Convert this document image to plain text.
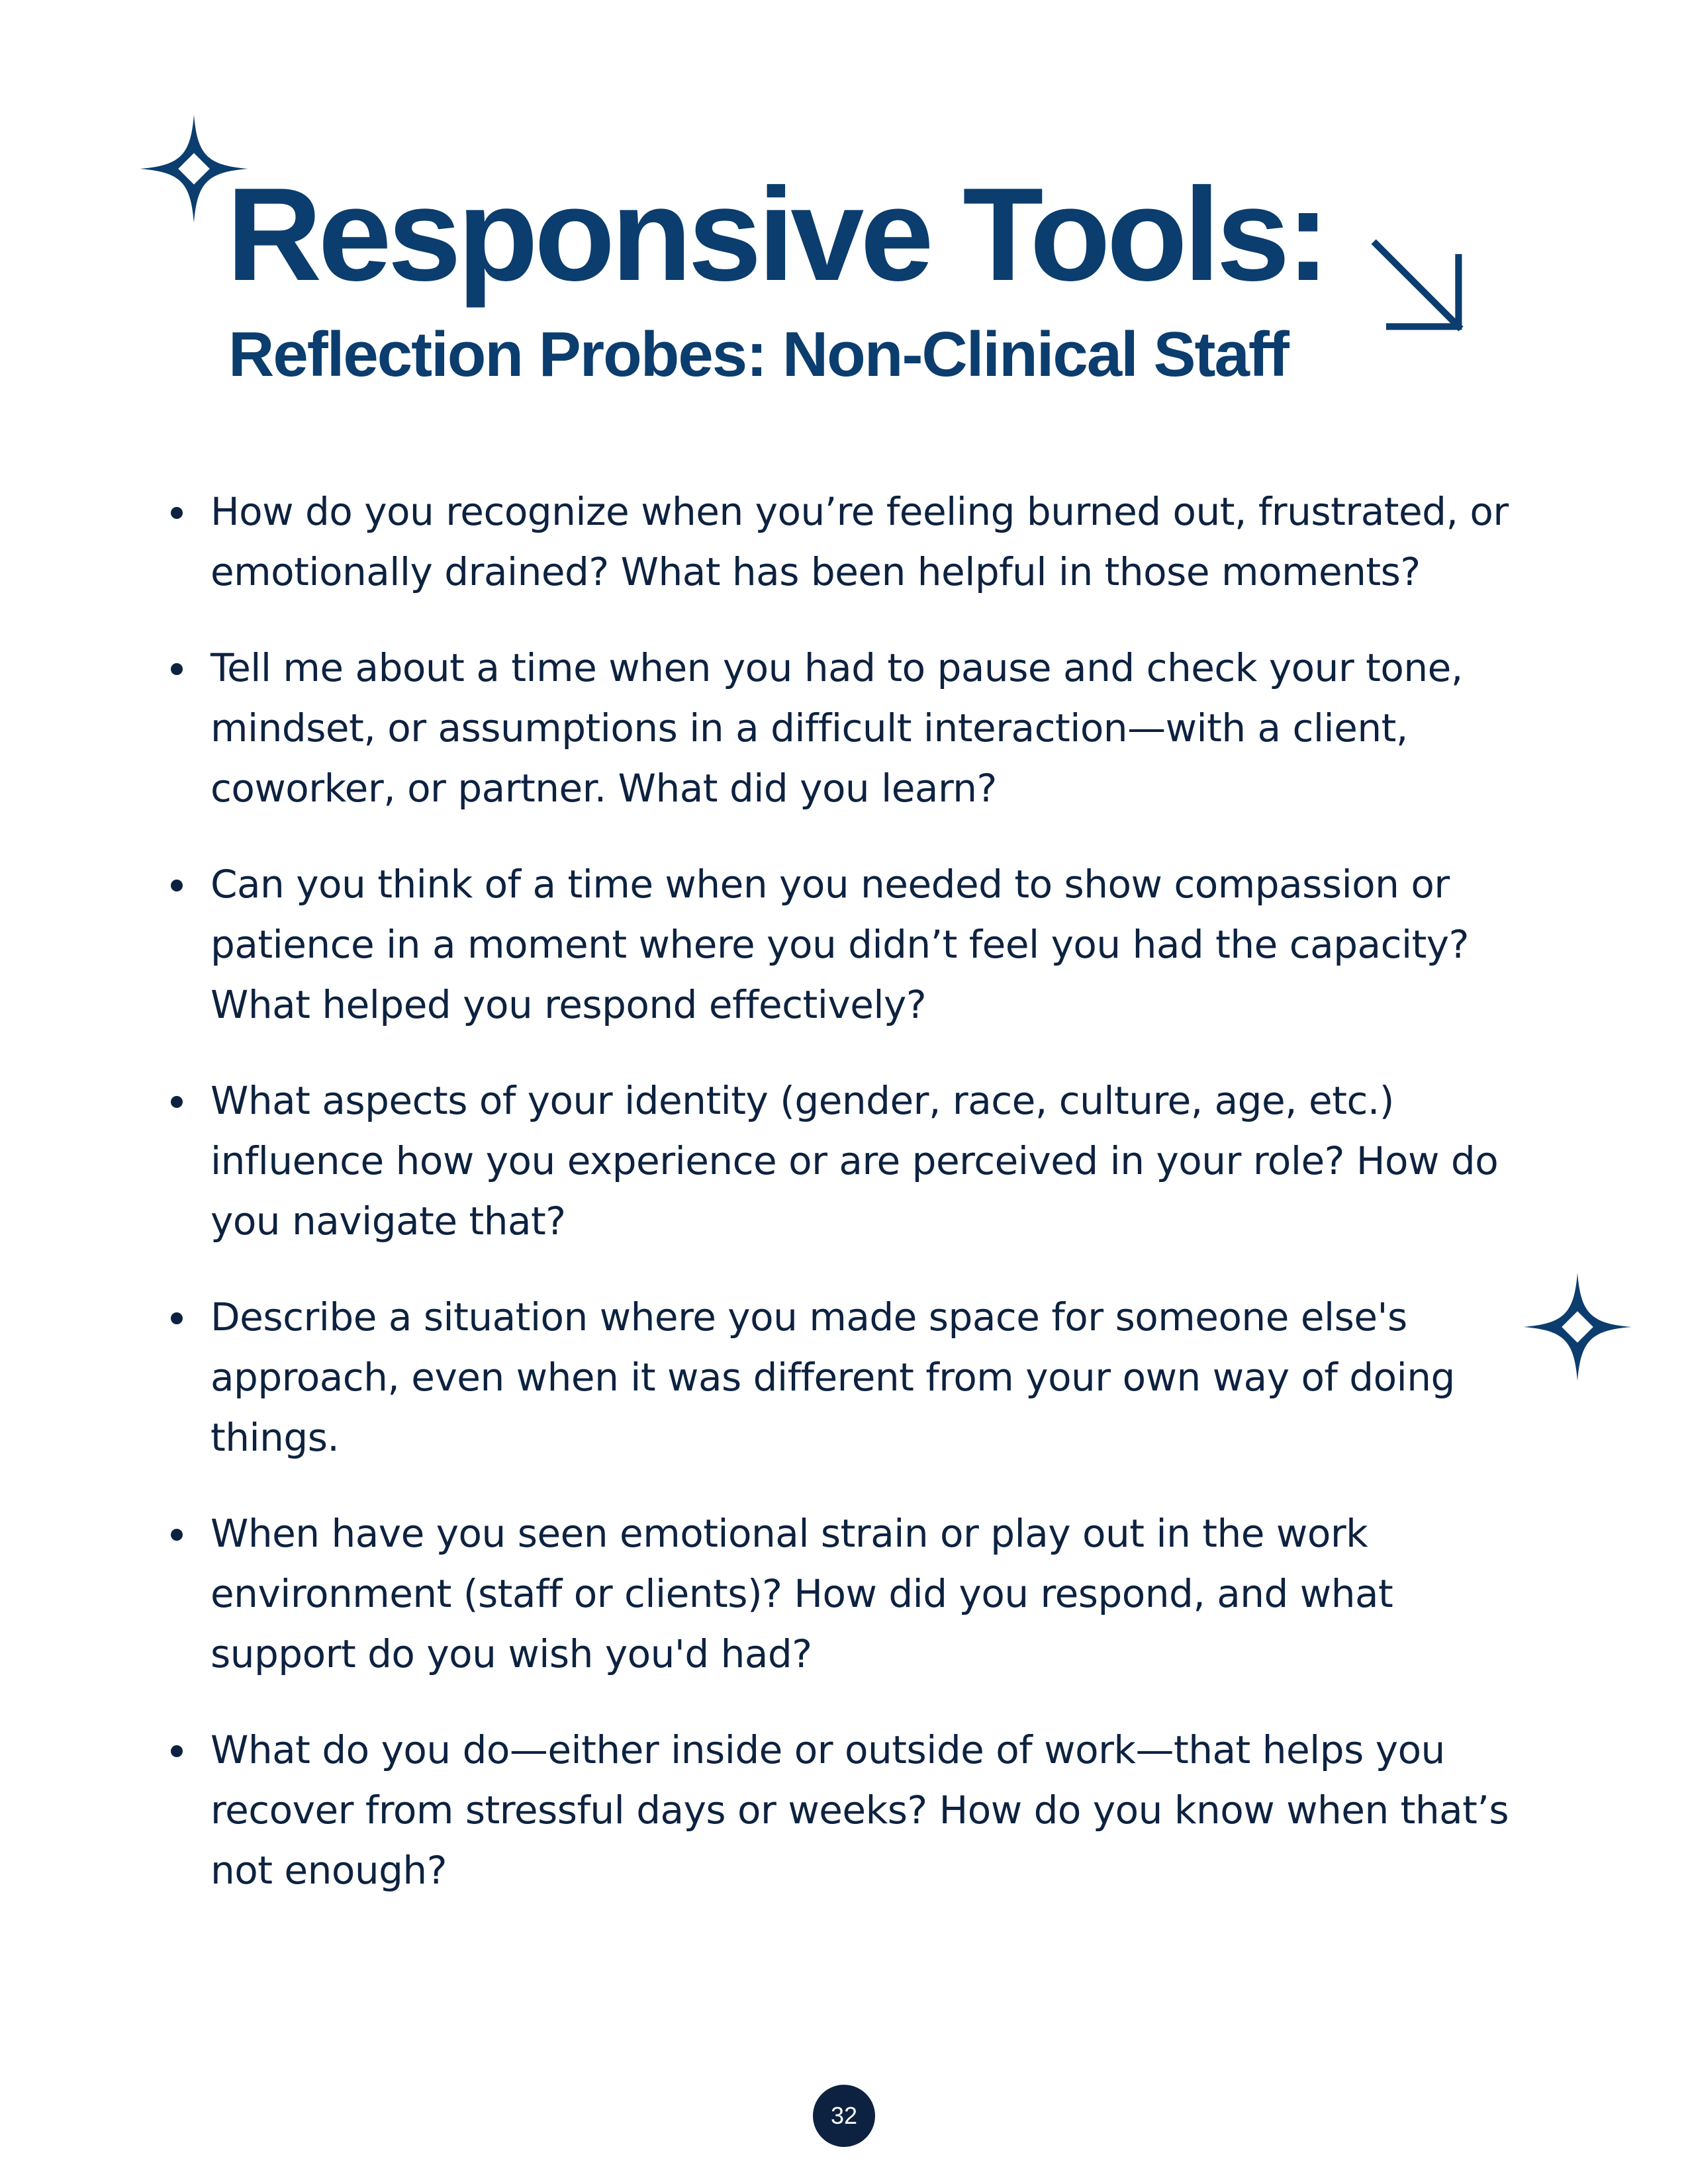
Responsive Tools:
Reflection Probes: Non-Clinical Staff
How do you recognize when you’re feeling burned out, frustrated, or emotionally drained? What has been helpful in those moments?
Tell me about a time when you had to pause and check your tone, mindset, or assumptions in a difficult interaction—with a client, coworker, or partner. What did you learn?
Can you think of a time when you needed to show compassion or patience in a moment where you didn’t feel you had the capacity? What helped you respond effectively?
What aspects of your identity (gender, race, culture, age, etc.) influence how you experience or are perceived in your role? How do you navigate that?
Describe a situation where you made space for someone else's approach, even when it was different from your own way of doing things.
When have you seen emotional strain or play out in the work environment (staff or clients)? How did you respond, and what support do you wish you'd had?
What do you do—either inside or outside of work—that helps you recover from stressful days or weeks? How do you know when that’s not enough?
32
